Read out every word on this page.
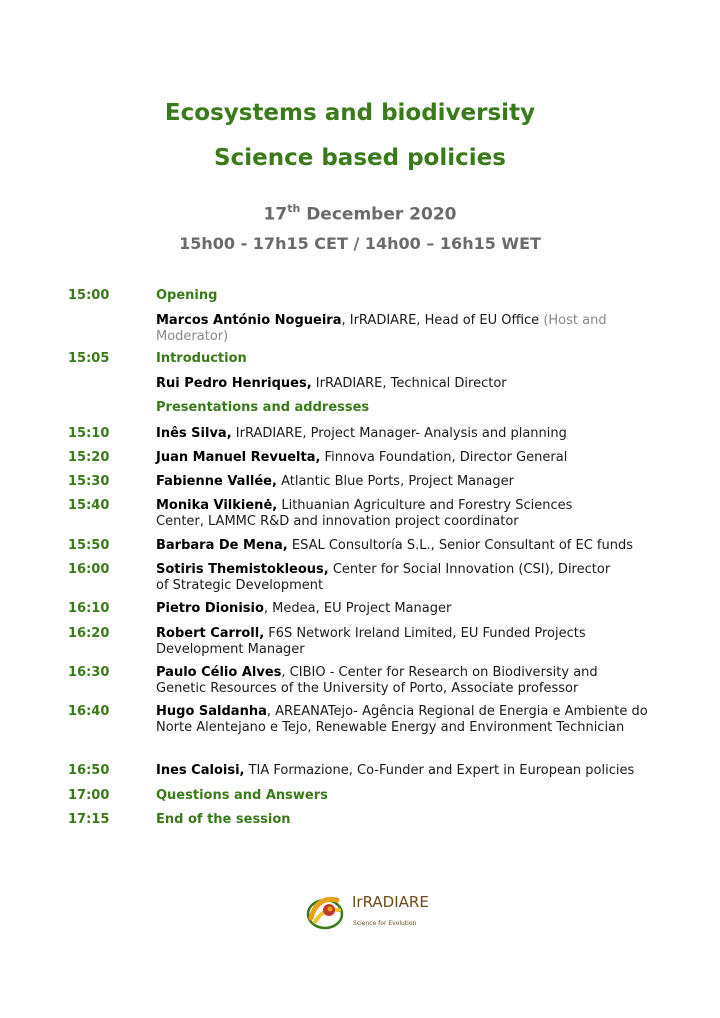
Ecosystems and biodiversity
Science based policies
17th December 2020
15h00 - 17h15 CET / 14h00 – 16h15 WET
15:00	Opening
Marcos António Nogueira, IrRADIARE, Head of EU Office (Host and Moderator)
15:05	Introduction
Rui Pedro Henriques, IrRADIARE, Technical Director
Presentations and addresses
15:10	Inês Silva, IrRADIARE, Project Manager- Analysis and planning
15:20	Juan Manuel Revuelta, Finnova Foundation, Director General
15:30	Fabienne Vallée, Atlantic Blue Ports, Project Manager
15:40	Monika Vilkienė, Lithuanian Agriculture and Forestry Sciences Center, LAMMC R&D and innovation project coordinator
15:50	Barbara De Mena, ESAL Consultoría S.L., Senior Consultant of EC funds
16:00	Sotiris Themistokleous, Center for Social Innovation (CSI), Director of Strategic Development
16:10	Pietro Dionisio, Medea, EU Project Manager
16:20	Robert Carroll, F6S Network Ireland Limited, EU Funded Projects Development Manager
16:30	Paulo Célio Alves, CIBIO - Center for Research on Biodiversity and Genetic Resources of the University of Porto, Associate professor
16:40	Hugo Saldanha, AREANATejo- Agência Regional de Energia e Ambiente do Norte Alentejano e Tejo, Renewable Energy and Environment Technician
16:50	Ines Caloisi, TIA Formazione, Co-Funder and Expert in European policies
17:00	Questions and Answers
17:15	End of the session
IrRADIARE
Science for Evolution
